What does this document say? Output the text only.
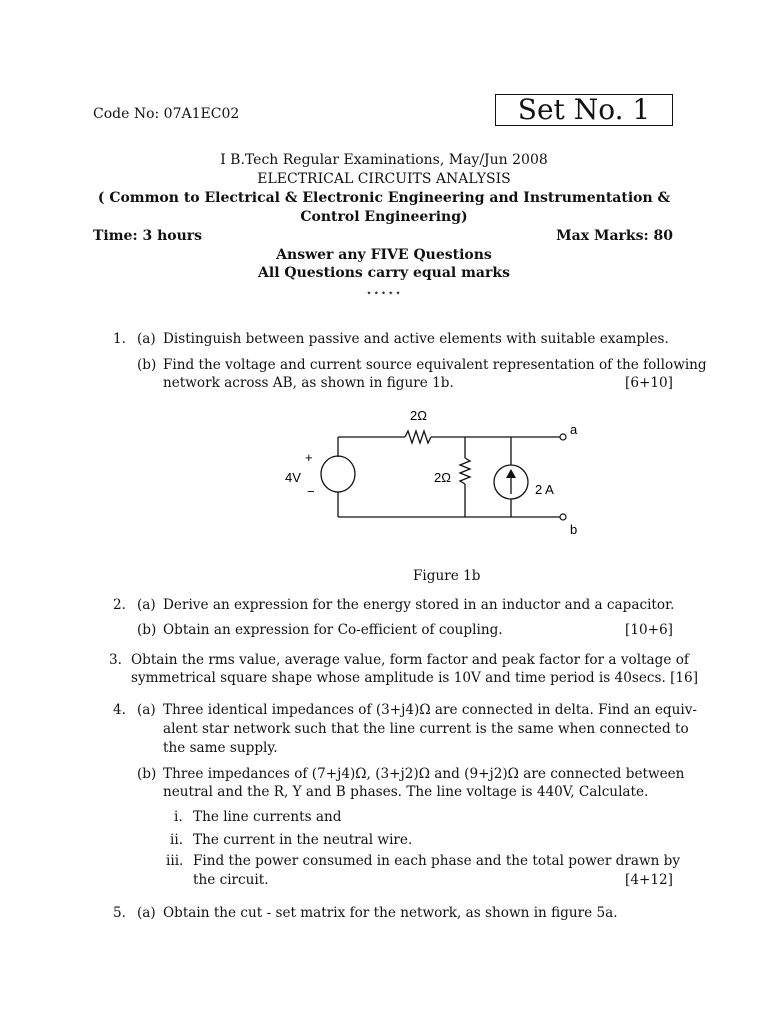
Code No: 07A1EC02	Set No. 1
I B.Tech Regular Examinations, May/Jun 2008
ELECTRICAL CIRCUITS ANALYSIS
( Common to Electrical & Electronic Engineering and Instrumentation &
Control Engineering)
Time: 3 hours	Max Marks: 80
Answer any FIVE Questions
All Questions carry equal marks
⋆⋆⋆⋆⋆
1. (a) Distinguish between passive and active elements with suitable examples.
(b) Find the voltage and current source equivalent representation of the following
network across AB, as shown in figure 1b.	[6+10]
2Ω
2Ω
4V
+
−	2 A
a
b
Figure 1b
2. (a) Derive an expression for the energy stored in an inductor and a capacitor.
(b) Obtain an expression for Co-efficient of coupling.	[10+6]
3. Obtain the rms value, average value, form factor and peak factor for a voltage of
symmetrical square shape whose amplitude is 10V and time period is 40secs. [16]
4. (a) Three identical impedances of (3+j4)Ω are connected in delta. Find an equiv-
alent star network such that the line current is the same when connected to
the same supply.
(b) Three impedances of (7+j4)Ω, (3+j2)Ω and (9+j2)Ω are connected between
neutral and the R, Y and B phases. The line voltage is 440V, Calculate.
i. The line currents and
ii. The current in the neutral wire.
iii. Find the power consumed in each phase and the total power drawn by
the circuit.	[4+12]
5. (a) Obtain the cut - set matrix for the network, as shown in figure 5a.
